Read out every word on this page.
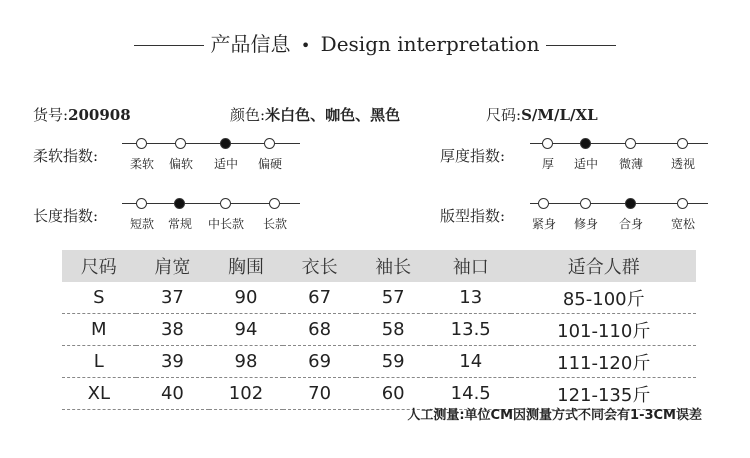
产品信息 • Design interpretation
货号:200908	颜色:米白色、咖色、黑色	尺码:S/M/L/XL
柔软指数:	柔软 偏软 适中 偏硬	厚度指数:	厚 适中 微薄 透视
长度指数:	短款 常规 中长款 长款	版型指数: 紧身 修身 合身 宽松
尺码	肩宽	胸围	衣长	袖长	袖口	适合人群
S	37	90	67	57	13	85-100斤
M	38	94	68	58	13.5	101-110斤
L	39	98	69	59	14	111-120斤
XL	40	102	70	60	14.5	121-135斤
人工测量:单位CM因测量方式不同会有1-3CM误差
